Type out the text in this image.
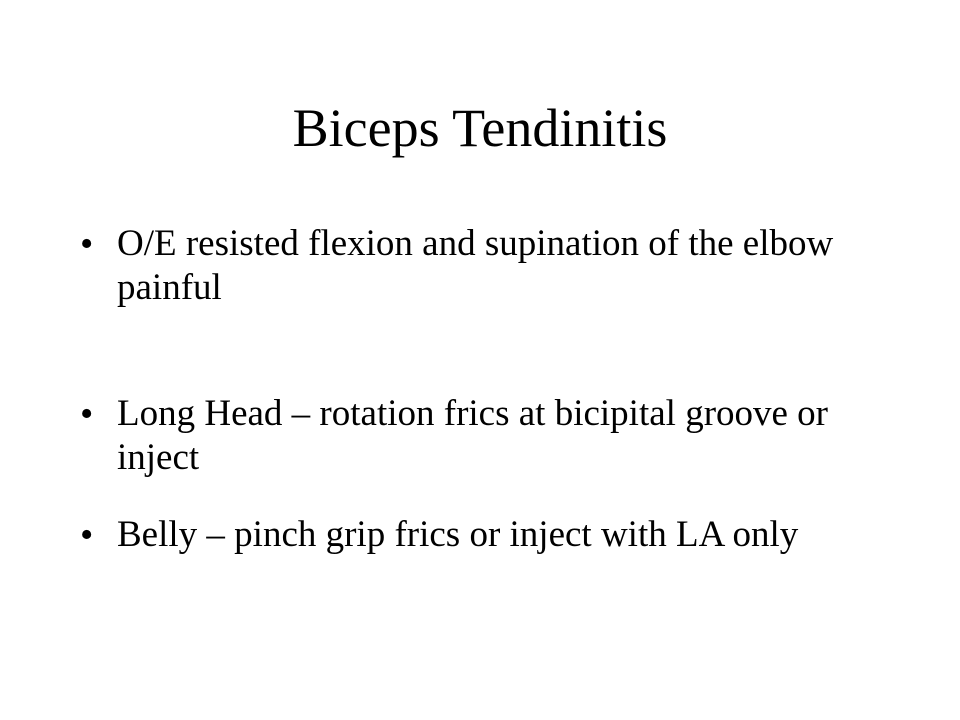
Biceps Tendinitis
• O/E resisted flexion and supination of the elbow painful
• Long Head – rotation frics at bicipital groove or inject
• Belly – pinch grip frics or inject with LA only
